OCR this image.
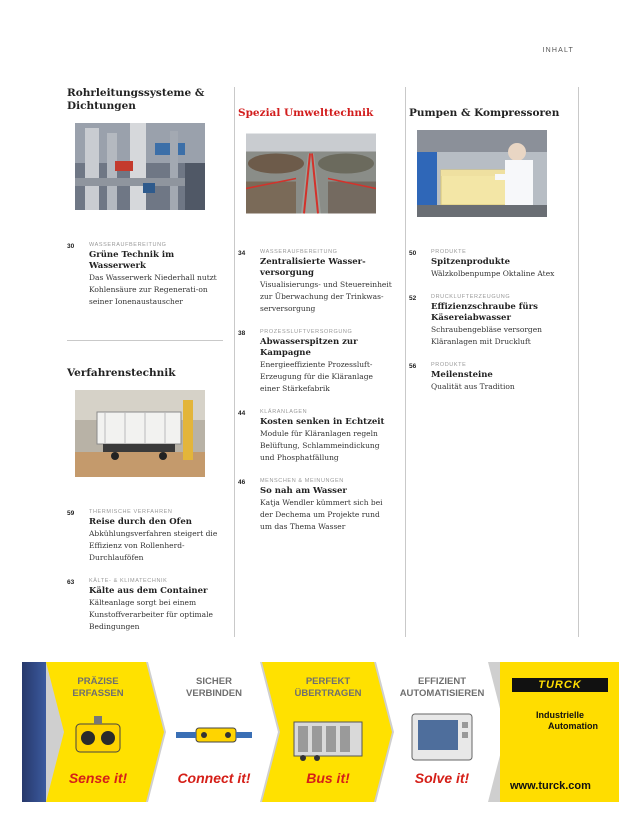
INHALT
Rohrleitungssysteme & Dichtungen
30	WASSERAUFBEREITUNG
Grüne Technik im Wasserwerk
Das Wasserwerk Niederhall nutzt Kohlensäure zur Regenerati-on seiner Ionenaustauscher
Verfahrenstechnik
59	THERMISCHE VERFAHREN
Reise durch den Ofen
Abkühlungsverfahren steigert die Effizienz von Rollenherd-Durchlauföfen
63	KÄLTE- & KLIMATECHNIK
Kälte aus dem Container
Kälteanlage sorgt bei einem Kunstoffverarbeiter für optimale Bedingungen
Spezial Umwelttechnik
34	WASSERAUFBEREITUNG
Zentralisierte Wasser-versorgung
Visualisierungs- und Steuereinheit zur Überwachung der Trinkwas-serversorgung
38	PROZESSLUFTVERSORGUNG
Abwasserspitzen zur Kampagne
Energieeffiziente Prozessluft-Erzeugung für die Kläranlage einer Stärkefabrik
44	KLÄRANLAGEN
Kosten senken in Echtzeit
Module für Kläranlagen regeln Belüftung, Schlammeindickung und Phosphatfällung
46	MENSCHEN & MEINUNGEN
So nah am Wasser
Katja Wendler kümmert sich bei der Dechema um Projekte rund um das Thema Wasser
Pumpen & Kompressoren
50	PRODUKTE
Spitzenprodukte
Wälzkolbenpumpe Oktaline Atex
52	DRUCKLUFTERZEUGUNG
Effizienzschraube fürs Käsereiabwasser
Schraubengebläse versorgen Kläranlagen mit Druckluft
56	PRODUKTE
Meilensteine
Qualität aus Tradition
PRÄZISE
ERFASSEN
Sense it!
SICHER
VERBINDEN
Connect it!
PERFEKT
ÜBERTRAGEN
Bus it!
EFFIZIENT
AUTOMATISIEREN
Solve it!
TURCK
Industrielle
Automation
www.turck.com
